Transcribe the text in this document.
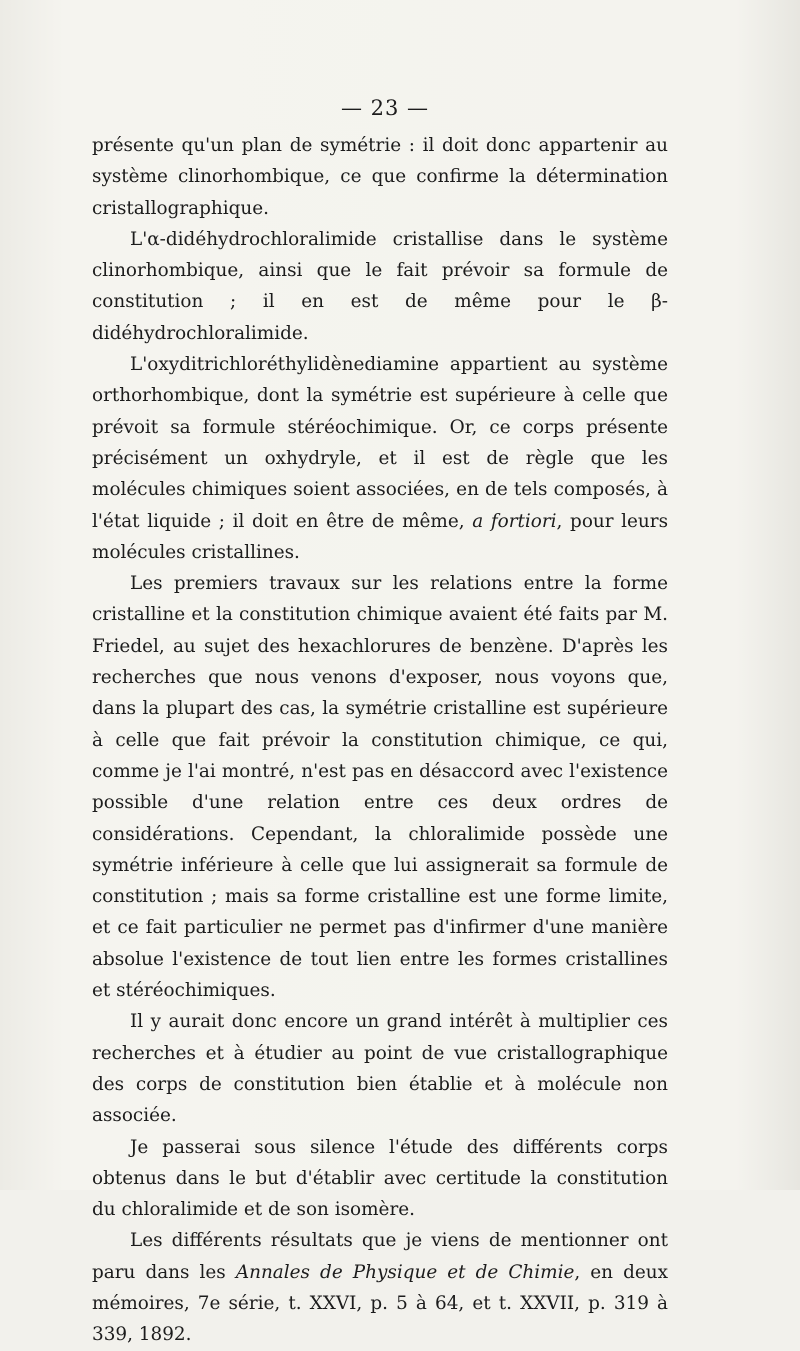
— 23 —

présente qu'un plan de symétrie : il doit donc appartenir au système clinorhombique, ce que confirme la détermination cristallographique.

L'α-didéhydrochloralimide cristallise dans le système clinorhombique, ainsi que le fait prévoir sa formule de constitution ; il en est de même pour le β-didéhydrochloralimide.

L'oxyditrichloréthylidènediamine appartient au système orthorhombique, dont la symétrie est supérieure à celle que prévoit sa formule stéréochimique. Or, ce corps présente précisément un oxhydryle, et il est de règle que les molécules chimiques soient associées, en de tels composés, à l'état liquide ; il doit en être de même, a fortiori, pour leurs molécules cristallines.

Les premiers travaux sur les relations entre la forme cristalline et la constitution chimique avaient été faits par M. Friedel, au sujet des hexachlorures de benzène. D'après les recherches que nous venons d'exposer, nous voyons que, dans la plupart des cas, la symétrie cristalline est supérieure à celle que fait prévoir la constitution chimique, ce qui, comme je l'ai montré, n'est pas en désaccord avec l'existence possible d'une relation entre ces deux ordres de considérations. Cependant, la chloralimide possède une symétrie inférieure à celle que lui assignerait sa formule de constitution ; mais sa forme cristalline est une forme limite, et ce fait particulier ne permet pas d'infirmer d'une manière absolue l'existence de tout lien entre les formes cristallines et stéréochimiques.

Il y aurait donc encore un grand intérêt à multiplier ces recherches et à étudier au point de vue cristallographique des corps de constitution bien établie et à molécule non associée.

Je passerai sous silence l'étude des différents corps obtenus dans le but d'établir avec certitude la constitution du chloralimide et de son isomère.

Les différents résultats que je viens de mentionner ont paru dans les Annales de Physique et de Chimie, en deux mémoires, 7e série, t. XXVI, p. 5 à 64, et t. XXVII, p. 319 à 339, 1892.
